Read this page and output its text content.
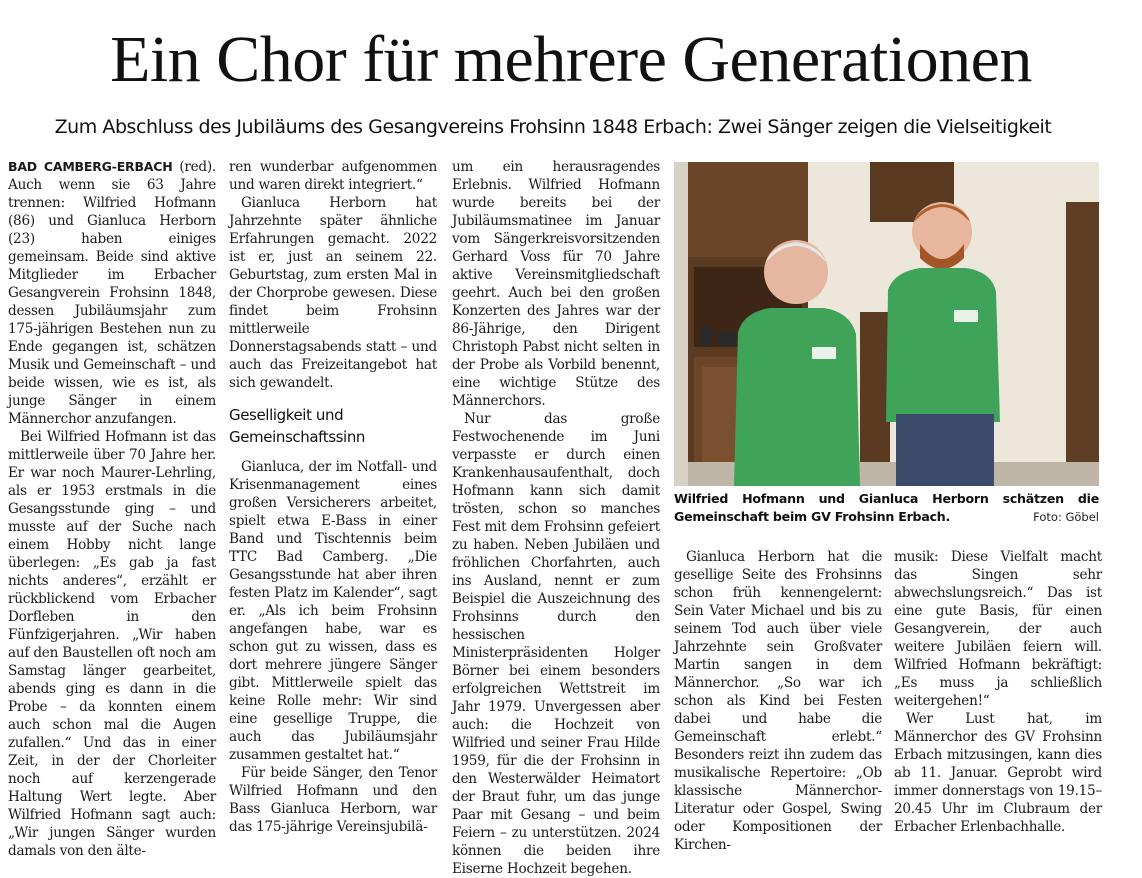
Ein Chor für mehrere Generationen
Zum Abschluss des Jubiläums des Gesangvereins Frohsinn 1848 Erbach: Zwei Sänger zeigen die Vielseitigkeit

BAD CAMBERG-ERBACH (red). Auch wenn sie 63 Jahre trennen: Wilfried Hofmann (86) und Gianluca Herborn (23) haben einiges gemeinsam. Beide sind aktive Mitglieder im Erbacher Gesangverein Frohsinn 1848, dessen Jubiläumsjahr zum 175-jährigen Bestehen nun zu Ende gegangen ist, schätzen Musik und Gemeinschaft – und beide wissen, wie es ist, als junge Sänger in einem Männerchor anzufangen.

Bei Wilfried Hofmann ist das mittlerweile über 70 Jahre her. Er war noch Maurer-Lehrling, als er 1953 erstmals in die Gesangsstunde ging – und musste auf der Suche nach einem Hobby nicht lange überlegen: „Es gab ja fast nichts anderes“, erzählt er rückblickend vom Erbacher Dorfleben in den Fünfzigerjahren. „Wir haben auf den Baustellen oft noch am Samstag länger gearbeitet, abends ging es dann in die Probe – da konnten einem auch schon mal die Augen zufallen.“ Und das in einer Zeit, in der der Chorleiter noch auf kerzengerade Haltung Wert legte. Aber Wilfried Hofmann sagt auch: „Wir jungen Sänger wurden damals von den älte-

ren wunderbar aufgenommen und waren direkt integriert.“

Gianluca Herborn hat Jahrzehnte später ähnliche Erfahrungen gemacht. 2022 ist er, just an seinem 22. Geburtstag, zum ersten Mal in der Chorprobe gewesen. Diese findet beim Frohsinn mittlerweile Donnerstagsabends statt – und auch das Freizeitangebot hat sich gewandelt.

Geselligkeit und
Gemeinschaftssinn

Gianluca, der im Notfall- und Krisenmanagement eines großen Versicherers arbeitet, spielt etwa E-Bass in einer Band und Tischtennis beim TTC Bad Camberg. „Die Gesangsstunde hat aber ihren festen Platz im Kalender“, sagt er. „Als ich beim Frohsinn angefangen habe, war es schon gut zu wissen, dass es dort mehrere jüngere Sänger gibt. Mittlerweile spielt das keine Rolle mehr: Wir sind eine gesellige Truppe, die auch das Jubiläumsjahr zusammen gestaltet hat.“

Für beide Sänger, den Tenor Wilfried Hofmann und den Bass Gianluca Herborn, war das 175-jährige Vereinsjubilä-

um ein herausragendes Erlebnis. Wilfried Hofmann wurde bereits bei der Jubiläumsmatinee im Januar vom Sängerkreisvorsitzenden Gerhard Voss für 70 Jahre aktive Vereinsmitgliedschaft geehrt. Auch bei den großen Konzerten des Jahres war der 86-Jährige, den Dirigent Christoph Pabst nicht selten in der Probe als Vorbild benennt, eine wichtige Stütze des Männerchors.

Nur das große Festwochenende im Juni verpasste er durch einen Krankenhausaufenthalt, doch Hofmann kann sich damit trösten, schon so manches Fest mit dem Frohsinn gefeiert zu haben. Neben Jubiläen und fröhlichen Chorfahrten, auch ins Ausland, nennt er zum Beispiel die Auszeichnung des Frohsinns durch den hessischen Ministerpräsidenten Holger Börner bei einem besonders erfolgreichen Wettstreit im Jahr 1979. Unvergessen aber auch: die Hochzeit von Wilfried und seiner Frau Hilde 1959, für die der Frohsinn in den Westerwälder Heimatort der Braut fuhr, um das junge Paar mit Gesang – und beim Feiern – zu unterstützen. 2024 können die beiden ihre Eiserne Hochzeit begehen.

Wilfried Hofmann und Gianluca Herborn schätzen die Gemeinschaft beim GV Frohsinn Erbach.	Foto: Göbel

Gianluca Herborn hat die gesellige Seite des Frohsinns schon früh kennengelernt: Sein Vater Michael und bis zu seinem Tod auch über viele Jahrzehnte sein Großvater Martin sangen in dem Männerchor. „So war ich schon als Kind bei Festen dabei und habe die Gemeinschaft erlebt.“ Besonders reizt ihn zudem das musikalische Repertoire: „Ob klassische Männerchor-Literatur oder Gospel, Swing oder Kompositionen der Kirchen-

musik: Diese Vielfalt macht das Singen sehr abwechslungsreich.“ Das ist eine gute Basis, für einen Gesangverein, der auch weitere Jubiläen feiern will. Wilfried Hofmann bekräftigt: „Es muss ja schließlich weitergehen!“

Wer Lust hat, im Männerchor des GV Frohsinn Erbach mitzusingen, kann dies ab 11. Januar. Geprobt wird immer donnerstags von 19.15–20.45 Uhr im Clubraum der Erbacher Erlenbachhalle.
